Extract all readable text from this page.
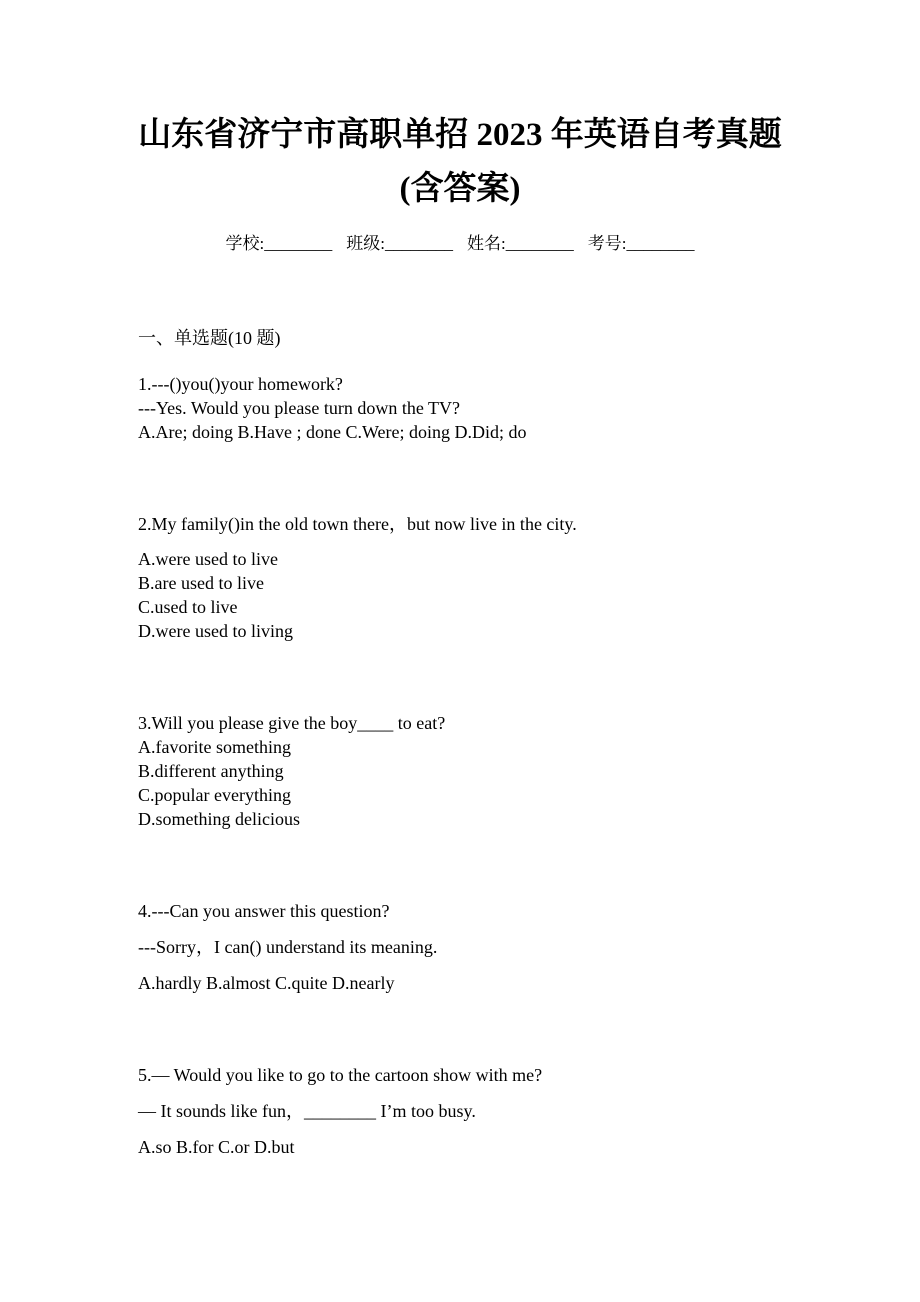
山东省济宁市高职单招 2023 年英语自考真题(含答案)
学校:________ 班级:________ 姓名:________ 考号:________
一、单选题(10 题)
1.---()you()your homework?
---Yes. Would you please turn down the TV?
A.Are; doing B.Have ; done C.Were; doing D.Did; do
2.My family()in the old town there，but now live in the city.
A.were used to live
B.are used to live
C.used to live
D.were used to living
3.Will you please give the boy____ to eat?
A.favorite something
B.different anything
C.popular everything
D.something delicious
4.---Can you answer this question?
---Sorry，I can() understand its meaning.
A.hardly B.almost C.quite D.nearly
5.— Would you like to go to the cartoon show with me?
— It sounds like fun，________ I’m too busy.
A.so B.for C.or D.but
